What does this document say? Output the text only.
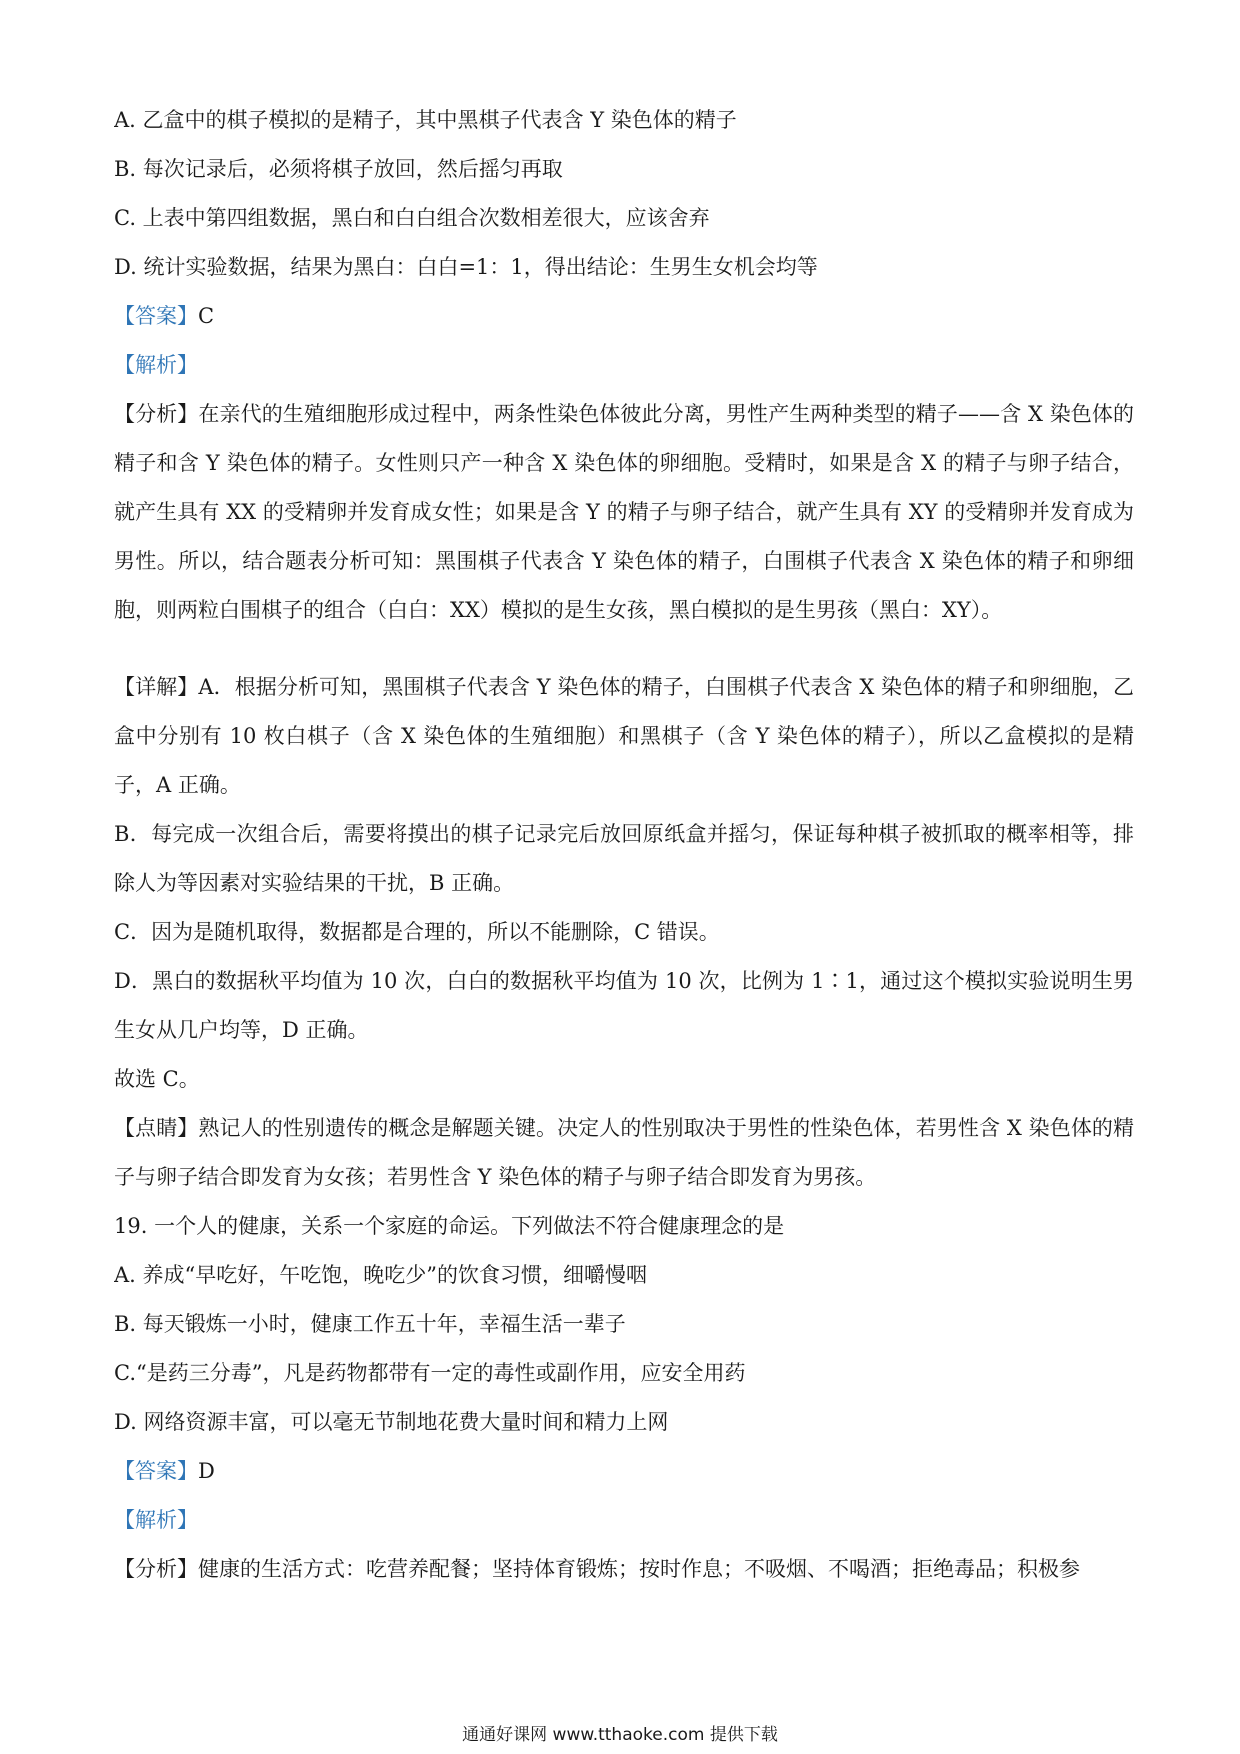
A. 乙盒中的棋子模拟的是精子，其中黑棋子代表含 Y 染色体的精子
B. 每次记录后，必须将棋子放回，然后摇匀再取
C. 上表中第四组数据，黑白和白白组合次数相差很大，应该舍弃
D. 统计实验数据，结果为黑白：白白=1：1，得出结论：生男生女机会均等
【答案】C
【解析】
【分析】在亲代的生殖细胞形成过程中，两条性染色体彼此分离，男性产生两种类型的精子——含 X 染色体的精子和含 Y 染色体的精子。女性则只产一种含 X 染色体的卵细胞。受精时，如果是含 X 的精子与卵子结合，就产生具有 XX 的受精卵并发育成女性；如果是含 Y 的精子与卵子结合，就产生具有 XY 的受精卵并发育成为男性。所以，结合题表分析可知：黑围棋子代表含 Y 染色体的精子，白围棋子代表含 X 染色体的精子和卵细胞，则两粒白围棋子的组合（白白：XX）模拟的是生女孩，黑白模拟的是生男孩（黑白：XY）。
【详解】A．根据分析可知，黑围棋子代表含 Y 染色体的精子，白围棋子代表含 X 染色体的精子和卵细胞，乙盒中分别有 10 枚白棋子（含 X 染色体的生殖细胞）和黑棋子（含 Y 染色体的精子），所以乙盒模拟的是精子，A 正确。
B．每完成一次组合后，需要将摸出的棋子记录完后放回原纸盒并摇匀，保证每种棋子被抓取的概率相等，排除人为等因素对实验结果的干扰，B 正确。
C．因为是随机取得，数据都是合理的，所以不能删除，C 错误。
D．黑白的数据秋平均值为 10 次，白白的数据秋平均值为 10 次，比例为 1∶1，通过这个模拟实验说明生男生女从几户均等，D 正确。
故选 C。
【点睛】熟记人的性别遗传的概念是解题关键。决定人的性别取决于男性的性染色体，若男性含 X 染色体的精子与卵子结合即发育为女孩；若男性含 Y 染色体的精子与卵子结合即发育为男孩。
19. 一个人的健康，关系一个家庭的命运。下列做法不符合健康理念的是
A. 养成“早吃好，午吃饱，晚吃少”的饮食习惯，细嚼慢咽
B. 每天锻炼一小时，健康工作五十年，幸福生活一辈子
C.“是药三分毒”，凡是药物都带有一定的毒性或副作用，应安全用药
D. 网络资源丰富，可以毫无节制地花费大量时间和精力上网
【答案】D
【解析】
【分析】健康的生活方式：吃营养配餐；坚持体育锻炼；按时作息；不吸烟、不喝酒；拒绝毒品；积极参
通通好课网 www.tthaoke.com 提供下载
